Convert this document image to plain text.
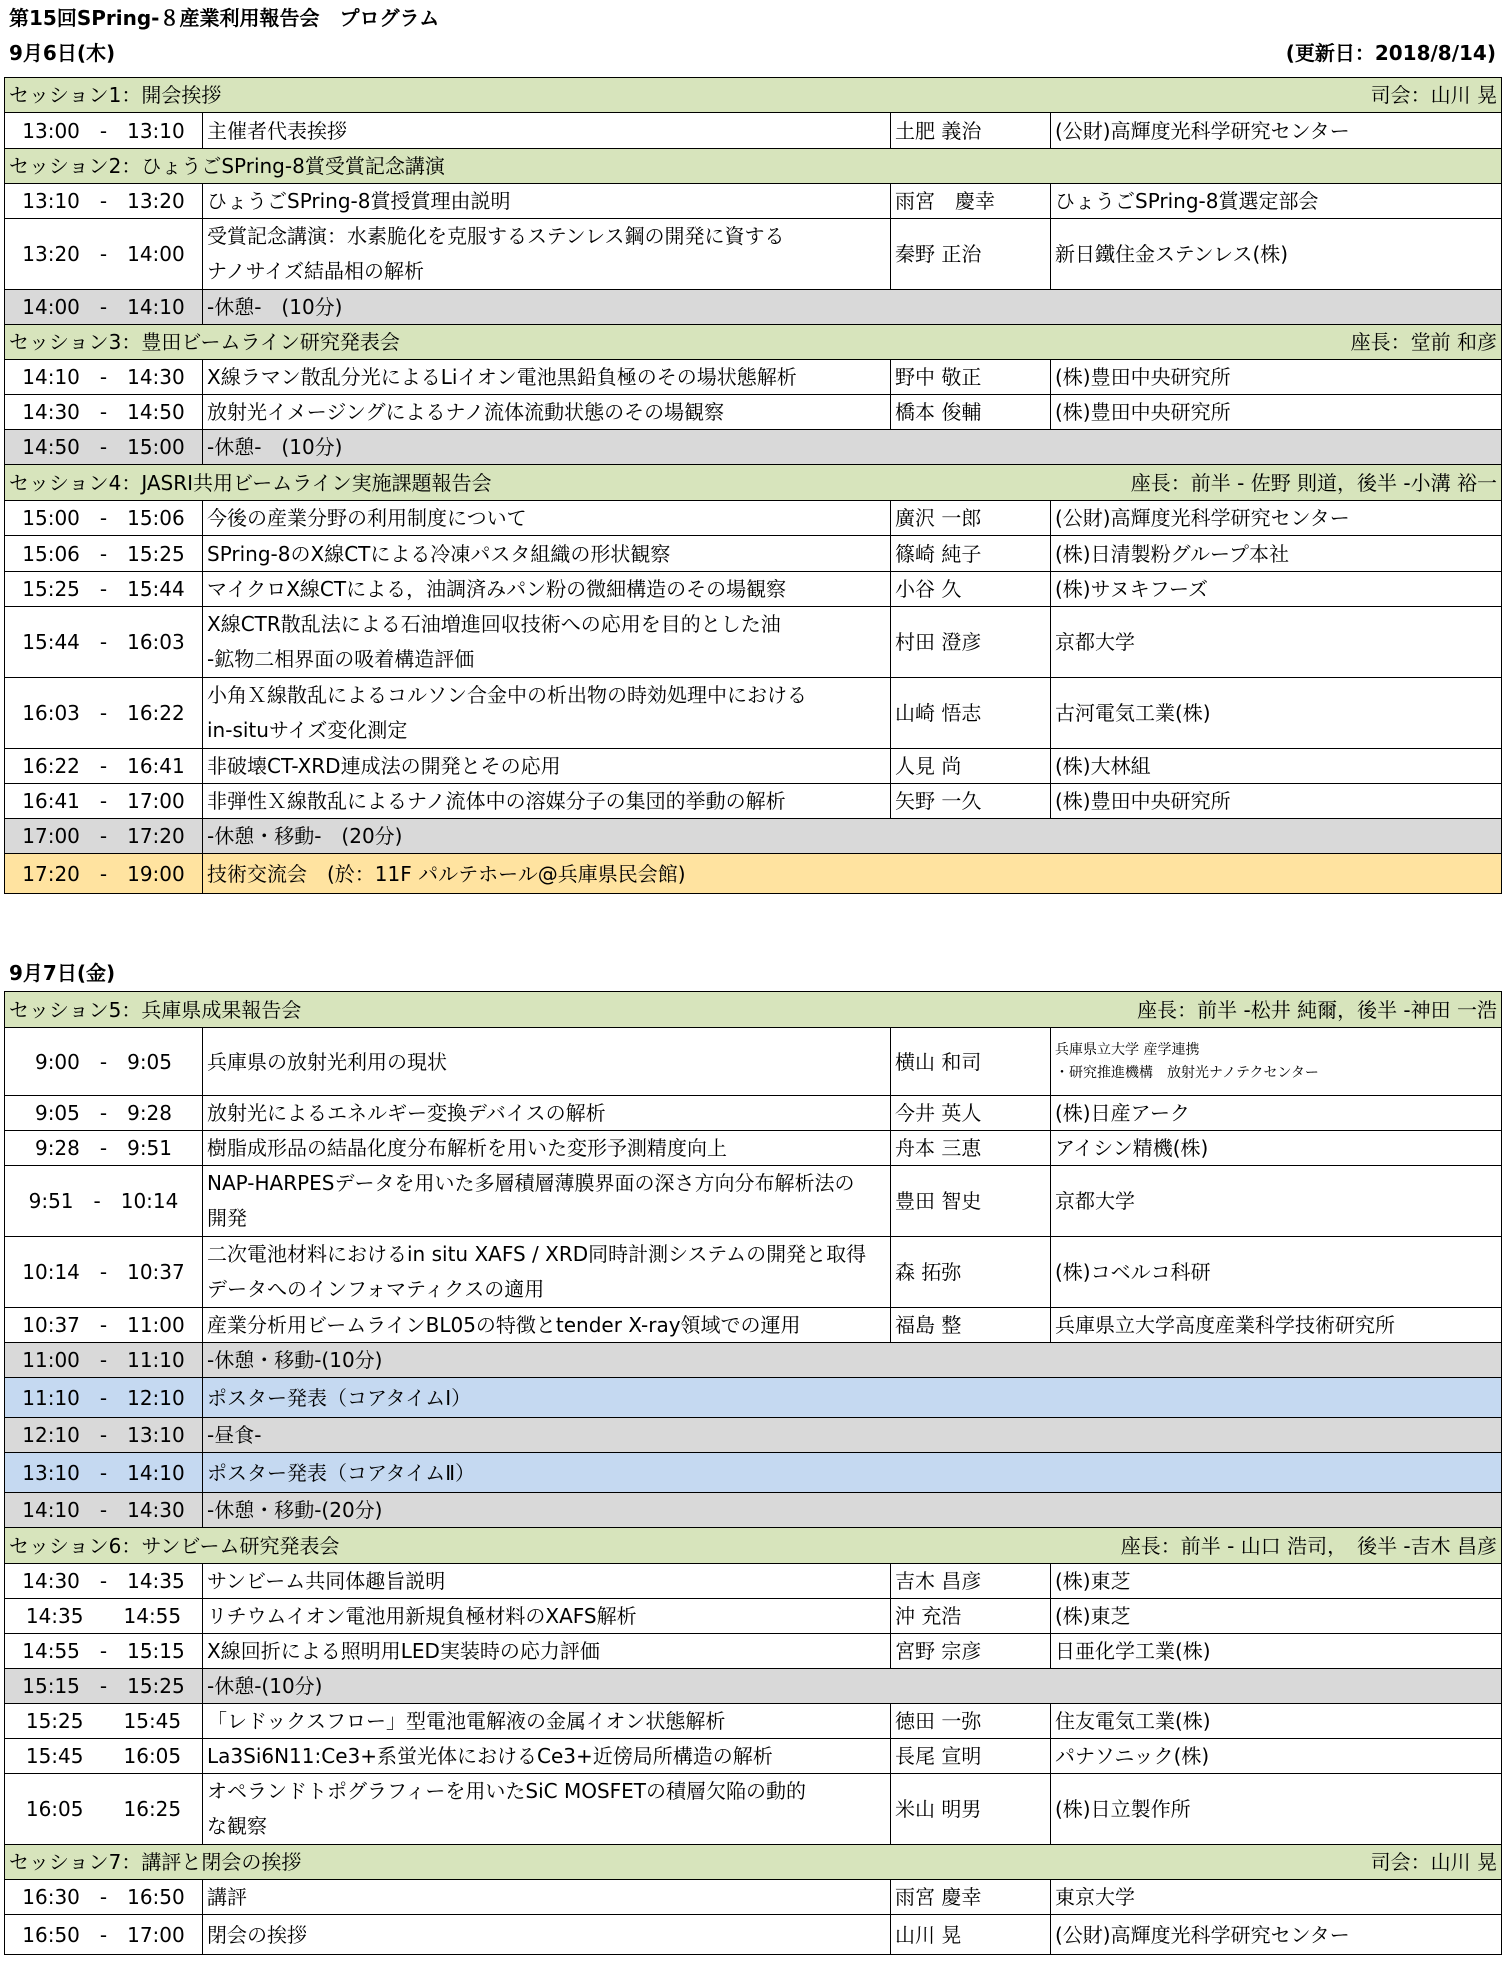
第15回SPring-８産業利用報告会　プログラム
9月6日(木)	(更新日：2018/8/14)
セッション1：開会挨拶 司会：山川 晃			

13:00　-　13:10	主催者代表挨拶	土肥 義治	(公財)高輝度光科学研究センター

セッション2：ひょうごSPring-8賞受賞記念講演			

13:10　-　13:20	ひょうごSPring-8賞授賞理由説明	雨宮　慶幸	ひょうごSPring-8賞選定部会
13:20　-　14:00	受賞記念講演：水素脆化を克服するステンレス鋼の開発に資する
ナノサイズ結晶相の解析	秦野 正治	新日鐵住金ステンレス(株)
14:00　-　14:10	-休憩-　(10分)		

セッション3：豊田ビームライン研究発表会 座長：堂前 和彦			

14:10　-　14:30	X線ラマン散乱分光によるLiイオン電池黒鉛負極のその場状態解析	野中 敬正	(株)豊田中央研究所
14:30　-　14:50	放射光イメージングによるナノ流体流動状態のその場観察	橋本 俊輔	(株)豊田中央研究所
14:50　-　15:00	-休憩-　(10分)		

セッション4：JASRI共用ビームライン実施課題報告会 座長：前半 - 佐野 則道，後半 -小溝 裕一			

15:00　-　15:06	今後の産業分野の利用制度について	廣沢 一郎	(公財)高輝度光科学研究センター
15:06　-　15:25	SPring-8のX線CTによる冷凍パスタ組織の形状観察	篠崎 純子	(株)日清製粉グループ本社
15:25　-　15:44	マイクロX線CTによる，油調済みパン粉の微細構造のその場観察	小谷 久	(株)サヌキフーズ
15:44　-　16:03	X線CTR散乱法による石油増進回収技術への応用を目的とした油
-鉱物二相界面の吸着構造評価	村田 澄彦	京都大学
16:03　-　16:22	小角Ｘ線散乱によるコルソン合金中の析出物の時効処理中における
in-situサイズ変化測定	山崎 悟志	古河電気工業(株)
16:22　-　16:41	非破壊CT-XRD連成法の開発とその応用	人見 尚	(株)大林組
16:41　-　17:00	非弾性Ｘ線散乱によるナノ流体中の溶媒分子の集団的挙動の解析	矢野 一久	(株)豊田中央研究所
17:00　-　17:20	-休憩・移動-　(20分)		
17:20　-　19:00	技術交流会　(於：11F パルテホール@兵庫県民会館)		
9月7日(金)
セッション5：兵庫県成果報告会 座長：前半 -松井 純爾，後半 -神田 一浩			

9:00　-　9:05	兵庫県の放射光利用の現状	横山 和司	兵庫県立大学 産学連携
・研究推進機構　放射光ナノテクセンター
9:05　-　9:28	放射光によるエネルギー変換デバイスの解析	今井 英人	(株)日産アーク
9:28　-　9:51	樹脂成形品の結晶化度分布解析を用いた変形予測精度向上	舟本 三恵	アイシン精機(株)
9:51　-　10:14	NAP-HARPESデータを用いた多層積層薄膜界面の深さ方向分布解析法の
開発	豊田 智史	京都大学
10:14　-　10:37	二次電池材料におけるin situ XAFS / XRD同時計測システムの開発と取得
データへのインフォマティクスの適用	森 拓弥	(株)コベルコ科研
10:37　-　11:00	産業分析用ビームラインBL05の特徴とtender X-ray領域での運用	福島 整	兵庫県立大学高度産業科学技術研究所
11:00　-　11:10	-休憩・移動-(10分)		
11:10　-　12:10	ポスター発表（コアタイムⅠ）		
12:10　-　13:10	-昼食-		
13:10　-　14:10	ポスター発表（コアタイムⅡ）		
14:10　-　14:30	-休憩・移動-(20分)		

セッション6：サンビーム研究発表会 座長：前半 - 山口 浩司，　後半 -吉木 昌彦			

14:30　-　14:35	サンビーム共同体趣旨説明	吉木 昌彦	(株)東芝
14:35　　14:55	リチウムイオン電池用新規負極材料のXAFS解析	沖 充浩	(株)東芝
14:55　-　15:15	X線回折による照明用LED実装時の応力評価	宮野 宗彦	日亜化学工業(株)
15:15　-　15:25	-休憩-(10分)		
15:25　　15:45	「レドックスフロー」型電池電解液の金属イオン状態解析	徳田 一弥	住友電気工業(株)
15:45　　16:05	La3Si6N11:Ce3+系蛍光体におけるCe3+近傍局所構造の解析	長尾 宣明	パナソニック(株)
16:05　　16:25	オペランドトポグラフィーを用いたSiC MOSFETの積層欠陥の動的
な観察	米山 明男	(株)日立製作所

セッション7：講評と閉会の挨拶 司会：山川 晃			

16:30　-　16:50	講評	雨宮 慶幸	東京大学
16:50　-　17:00	閉会の挨拶	山川 晃	(公財)高輝度光科学研究センター
